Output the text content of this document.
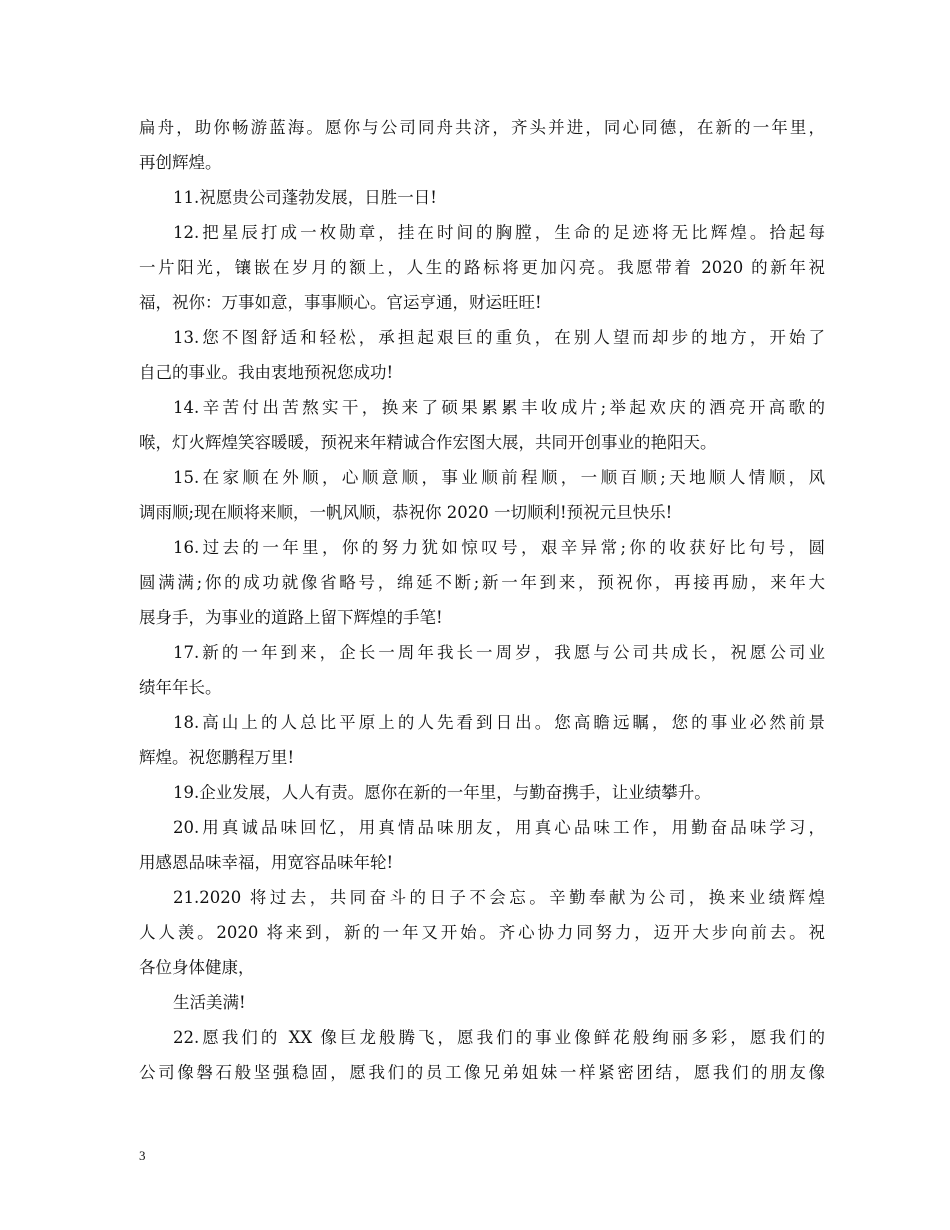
扁舟，助你畅游蓝海。愿你与公司同舟共济，齐头并进，同心同德，在新的一年里，
再创辉煌。
11.祝愿贵公司蓬勃发展，日胜一日!
12.把星辰打成一枚勋章，挂在时间的胸膛，生命的足迹将无比辉煌。拾起每
一片阳光，镶嵌在岁月的额上，人生的路标将更加闪亮。我愿带着 2020 的新年祝
福，祝你：万事如意，事事顺心。官运亨通，财运旺旺!
13.您不图舒适和轻松，承担起艰巨的重负，在别人望而却步的地方，开始了
自己的事业。我由衷地预祝您成功!
14.辛苦付出苦熬实干，换来了硕果累累丰收成片;举起欢庆的酒亮开高歌的
喉，灯火辉煌笑容暖暖，预祝来年精诚合作宏图大展，共同开创事业的艳阳天。
15.在家顺在外顺，心顺意顺，事业顺前程顺，一顺百顺;天地顺人情顺，风
调雨顺;现在顺将来顺，一帆风顺，恭祝你 2020 一切顺利!预祝元旦快乐!
16.过去的一年里，你的努力犹如惊叹号，艰辛异常;你的收获好比句号，圆
圆满满;你的成功就像省略号，绵延不断;新一年到来，预祝你，再接再励，来年大
展身手，为事业的道路上留下辉煌的手笔!
17.新的一年到来，企长一周年我长一周岁，我愿与公司共成长，祝愿公司业
绩年年长。
18.高山上的人总比平原上的人先看到日出。您高瞻远瞩，您的事业必然前景
辉煌。祝您鹏程万里!
19.企业发展，人人有责。愿你在新的一年里，与勤奋携手，让业绩攀升。
20.用真诚品味回忆，用真情品味朋友，用真心品味工作，用勤奋品味学习，
用感恩品味幸福，用宽容品味年轮!
21.2020 将过去，共同奋斗的日子不会忘。辛勤奉献为公司，换来业绩辉煌
人人羡。2020 将来到，新的一年又开始。齐心协力同努力，迈开大步向前去。祝
各位身体健康，
生活美满!
22.愿我们的 XX 像巨龙般腾飞，愿我们的事业像鲜花般绚丽多彩，愿我们的
公司像磐石般坚强稳固，愿我们的员工像兄弟姐妹一样紧密团结，愿我们的朋友像
3
